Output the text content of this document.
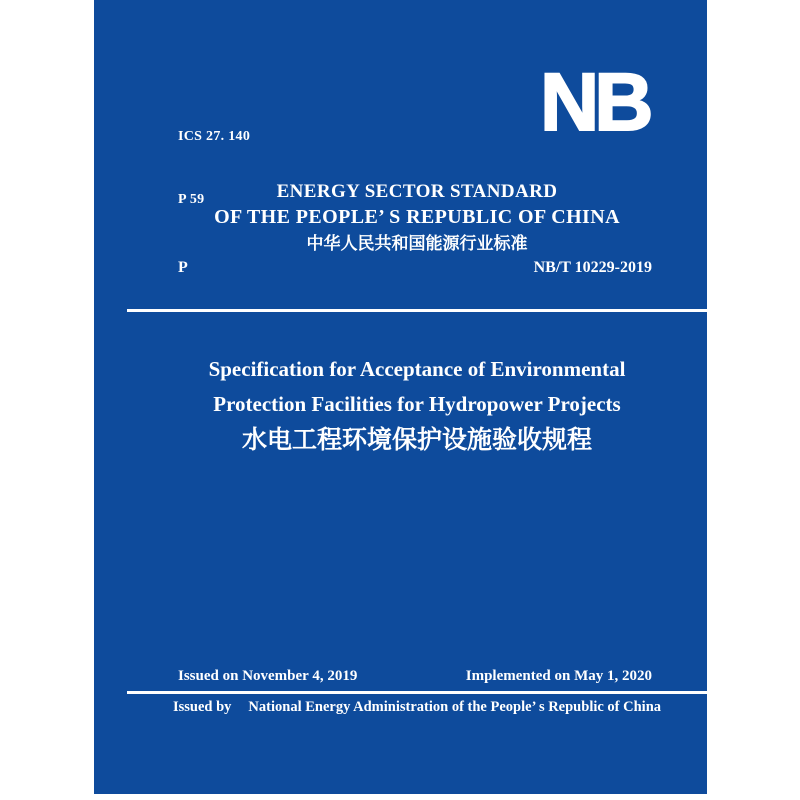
ICS 27. 140

P 59

NB
ENERGY SECTOR STANDARD
OF THE PEOPLE’ S REPUBLIC OF CHINA
中华人民共和国能源行业标准
P	NB/T 10229-2019
Specification for Acceptance of Environmental
Protection Facilities for Hydropower Projects
水电工程环境保护设施验收规程
Issued on November 4, 2019	Implemented on May 1, 2020
Issued by National Energy Administration of the People’ s Republic of China
